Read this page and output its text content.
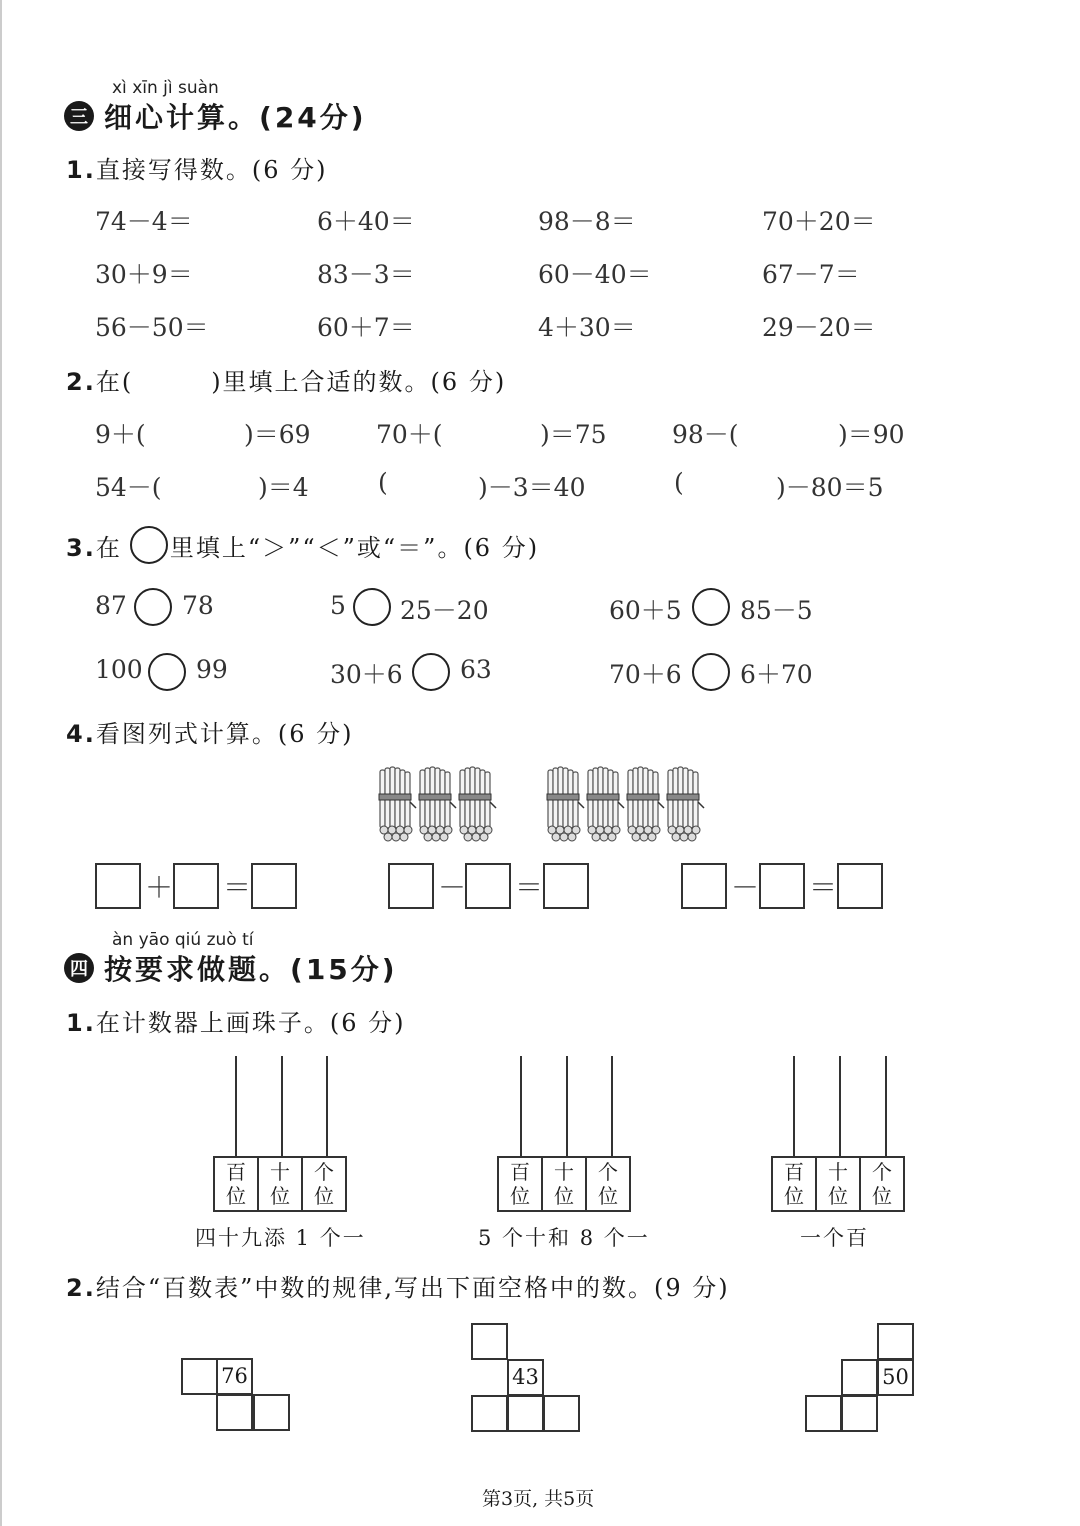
xì xīn jì suàn
三 细心计算。(24分)
1.直接写得数。(6 分)
74－4＝	6＋40＝	98－8＝	70＋20＝
30＋9＝	83－3＝	60－40＝	67－7＝
56－50＝	60＋7＝	4＋30＝	29－20＝
2.在(　　　)里填上合适的数。(6 分)
9＋(	)＝69	70＋(	)＝75	98－(	)＝90
54－(	)＝4	(	)－3＝40	(	)－80＝5
3.在 里填上“＞”“＜”或“＝”。(6 分)
87 78	5 25－20	60＋5 85－5
100 99	30＋6 63	70＋6 6＋70
4.看图列式计算。(6 分)
＋ ＝	－ ＝	－ ＝
àn yāo qiú zuò tí
四 按要求做题。(15分)
1.在计数器上画珠子。(6 分)
百
位
十
位
个
位
四十九添 1 个一
百
位
十
位
个
位
5 个十和 8 个一
百
位
十
位
个
位
一个百
2.结合“百数表”中数的规律,写出下面空格中的数。(9 分)
76	43	50
第3页, 共5页
